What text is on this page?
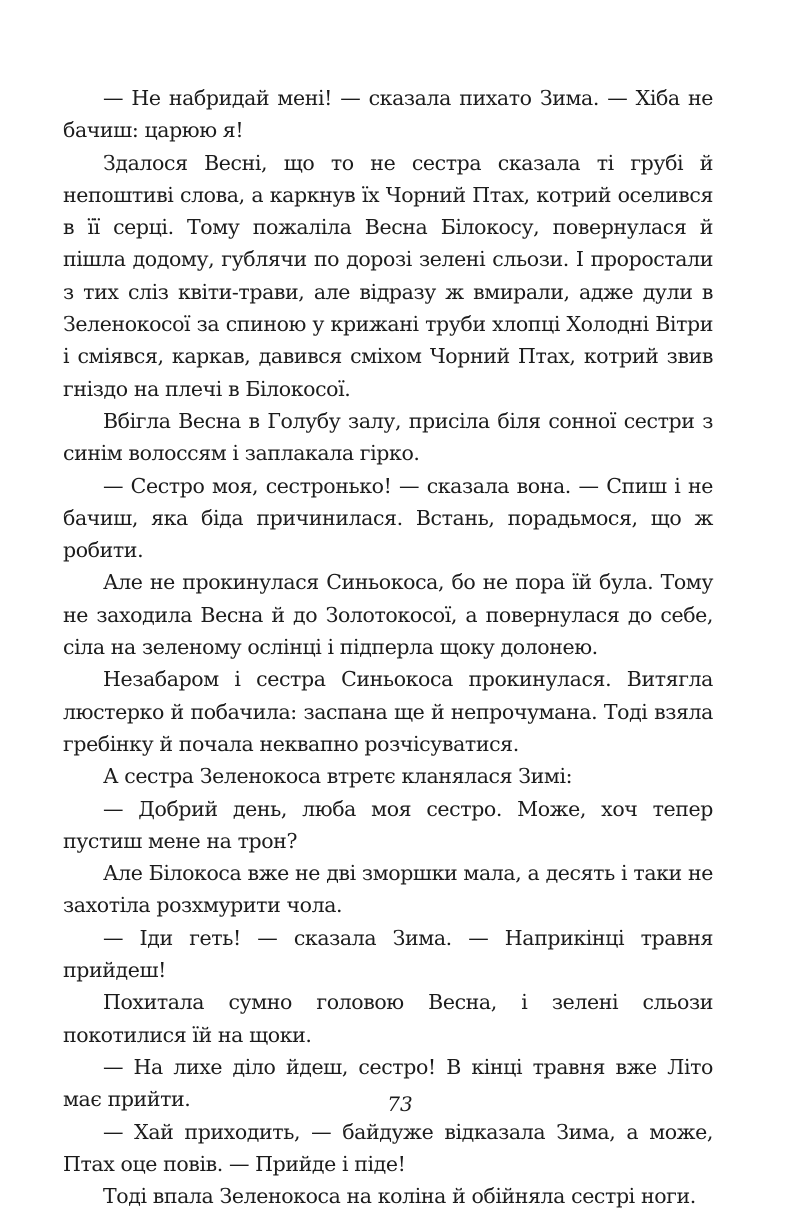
— Не набридай мені! — сказала пихато Зима. — Хіба не бачиш: царюю я!

Здалося Весні, що то не сестра сказала ті грубі й непоштиві слова, а каркнув їх Чорний Птах, котрий оселився в її серці. Тому пожаліла Весна Білокосу, повернулася й пішла додому, гублячи по дорозі зелені сльози. І проростали з тих сліз квіти-трави, але відразу ж вмирали, адже дули в Зеленокосої за спиною у крижані труби хлопці Холодні Вітри і сміявся, каркав, давився сміхом Чорний Птах, котрий звив гніздо на плечі в Білокосої.

Вбігла Весна в Голубу залу, присіла біля сонної сестри з синім волоссям і заплакала гірко.

— Сестро моя, сестронько! — сказала вона. — Спиш і не бачиш, яка біда причинилася. Встань, порадьмося, що ж робити.

Але не прокинулася Синьокоса, бо не пора їй була. Тому не заходила Весна й до Золотокосої, а повернулася до себе, сіла на зеленому ослінці і підперла щоку долонею.

Незабаром і сестра Синьокоса прокинулася. Витягла люстерко й побачила: заспана ще й непрочумана. Тоді взяла гребінку й почала неквапно розчісуватися.

А сестра Зеленокоса втретє кланялася Зимі:

— Добрий день, люба моя сестро. Може, хоч тепер пустиш мене на трон?

Але Білокоса вже не дві зморшки мала, а десять і таки не захотіла розхмурити чола.

— Іди геть! — сказала Зима. — Наприкінці травня прийдеш!

Похитала сумно головою Весна, і зелені сльози покотилися їй на щоки.

— На лихе діло йдеш, сестро! В кінці травня вже Літо має прийти.

— Хай приходить, — байдуже відказала Зима, а може, Птах оце повів. — Прийде і піде!

Тоді впала Зеленокоса на коліна й обійняла сестрі ноги.

73
